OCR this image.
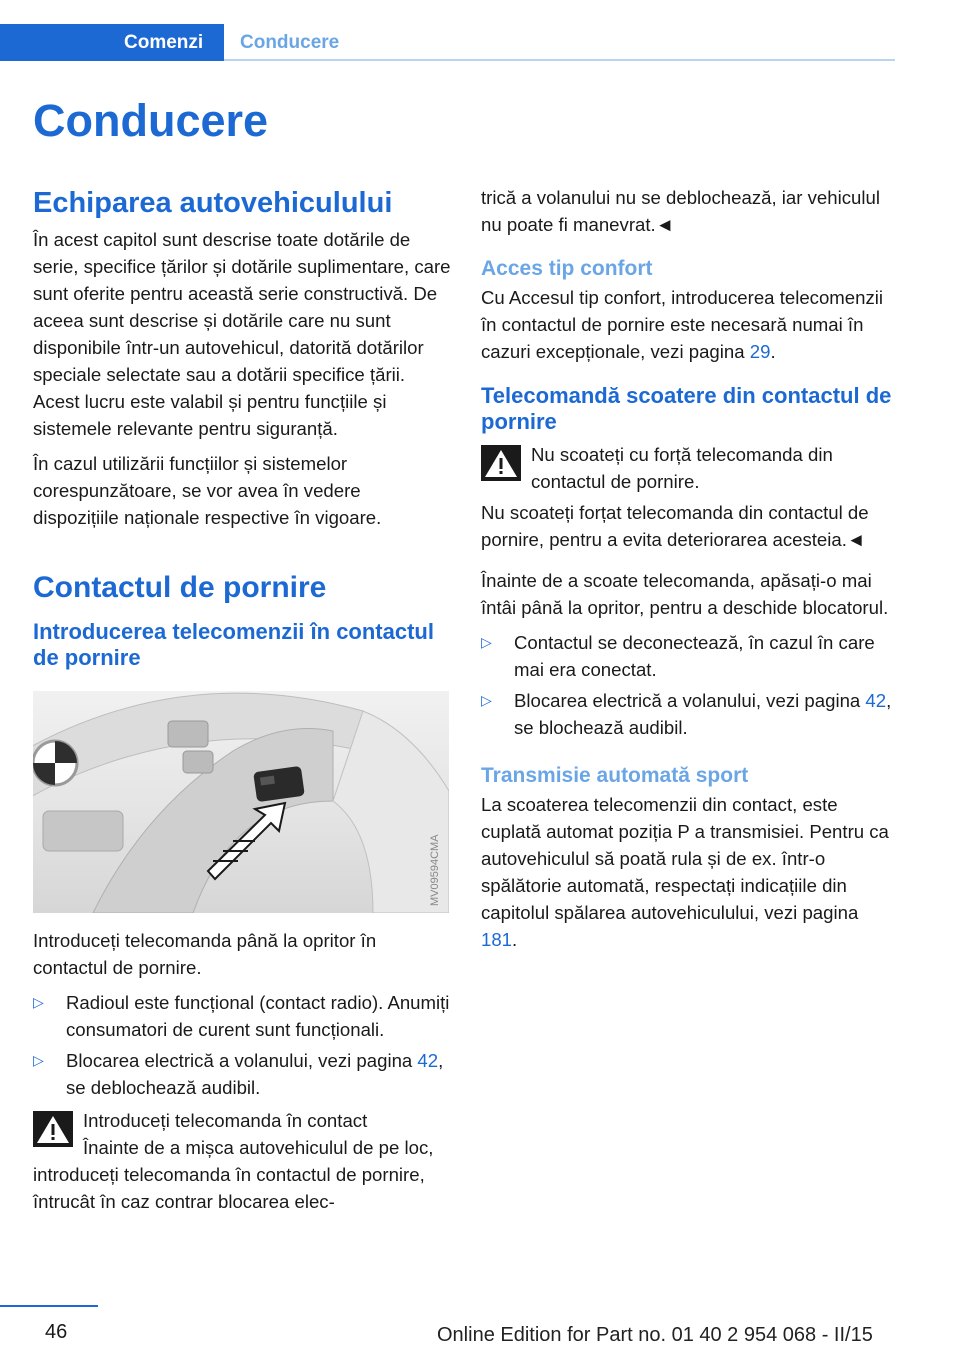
Comenzi Conducere
Conducere
Echiparea autovehiculului
În acest capitol sunt descrise toate dotările de serie, specifice țărilor și dotările suplimentare, care sunt oferite pentru această serie constructivă. De aceea sunt descrise și dotările care nu sunt disponibile într-un autovehicul, datorită dotărilor speciale selectate sau a dotării specifice țării. Acest lucru este valabil și pentru funcțiile și sistemele relevante pentru siguranță.
În cazul utilizării funcțiilor și sistemelor corespunzătoare, se vor avea în vedere dispozițiile naționale respective în vigoare.
Contactul de pornire
Introducerea telecomenzii în contactul de pornire
MV09594CMA
Introduceți telecomanda până la opritor în contactul de pornire.
▷ Radioul este funcțional (contact radio). Anumiți consumatori de curent sunt funcționali.
▷ Blocarea electrică a volanului, vezi pagina 42, se deblochează audibil.
Introduceți telecomanda în contact
Înainte de a mișca autovehiculul de pe loc, introduceți telecomanda în contactul de pornire, întrucât în caz contrar blocarea elec-
trică a volanului nu se deblochează, iar vehiculul nu poate fi manevrat.◄
Acces tip confort
Cu Accesul tip confort, introducerea telecomenzii în contactul de pornire este necesară numai în cazuri excepționale, vezi pagina 29.
Telecomandă scoatere din contactul de pornire
Nu scoateți cu forță telecomanda din contactul de pornire.
Nu scoateți forțat telecomanda din contactul de pornire, pentru a evita deteriorarea acesteia.◄
Înainte de a scoate telecomanda, apăsați-o mai întâi până la opritor, pentru a deschide blocatorul.
▷ Contactul se deconectează, în cazul în care mai era conectat.
▷ Blocarea electrică a volanului, vezi pagina 42, se blochează audibil.
Transmisie automată sport
La scoaterea telecomenzii din contact, este cuplată automat poziția P a transmisiei. Pentru ca autovehiculul să poată rula și de ex. într-o spălătorie automată, respectați indicațiile din capitolul spălarea autovehiculului, vezi pagina 181.
46	Online Edition for Part no. 01 40 2 954 068 - II/15
